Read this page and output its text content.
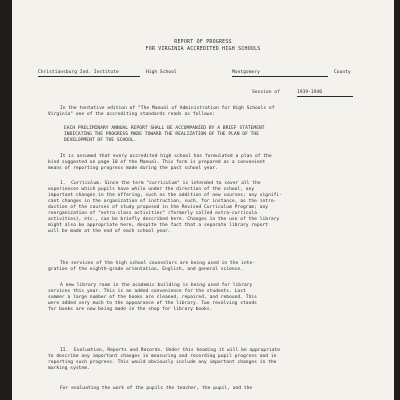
REPORT OF PROGRESS
FOR VIRGINIA ACCREDITED HIGH SCHOOLS
Christiansburg Ind. Institute	High School	Montgomery	County
Session of	1939-1940
In the tentative edition of "The Manual of Administration for High Schools of
Virginia" one of the accrediting standards reads as follows:
EACH PRELIMINARY ANNUAL REPORT SHALL BE ACCOMPANIED BY A BRIEF STATEMENT
INDICATING THE PROGRESS MADE TOWARD THE REALIZATION OF THE PLAN OF THE
DEVELOPMENT OF THE SCHOOL.
It is assumed that every accredited high school has formulated a plan of the
kind suggested on page 10 of the Manual. This form is prepared as a convenient
means of reporting progress made during the past school year.
1.  Curriculum. Since the term "curriculum" is intended to cover all the
experiences which pupils have while under the direction of the school, any
important changes in the offering, such as the addition of new courses; any signifi-
cant changes in the organization of instruction, such, for instance, as the intro-
duction of the courses of study proposed in the Revised Curriculum Program; any
reorganization of "extra-class activities" (formerly called extra-curricula
activities), etc., can be briefly described here. Changes in the use of the library
might also be appropriate here, despite the fact that a separate library report
will be made at the end of each school year.
The services of the high school counselors are being used in the inte-
gration of the eighth-grade orientation, English, and general science.
A new library room in the academic building is being used for library
services this year. This is an added convenience for the students. Last
summer a large number of the books are cleaned, repaired, and rebound. This
were added very much to the appearance of the library. Two revolving stands
for books are now being made in the shop for library books.
II.  Evaluation, Reports and Records. Under this heading it will be appropriate
to describe any important changes in measuring and recording pupil progress and in
reporting such progress. This would obviously include any important changes in the
marking system.
For evaluating the work of the pupils the teacher, the pupil, and the
